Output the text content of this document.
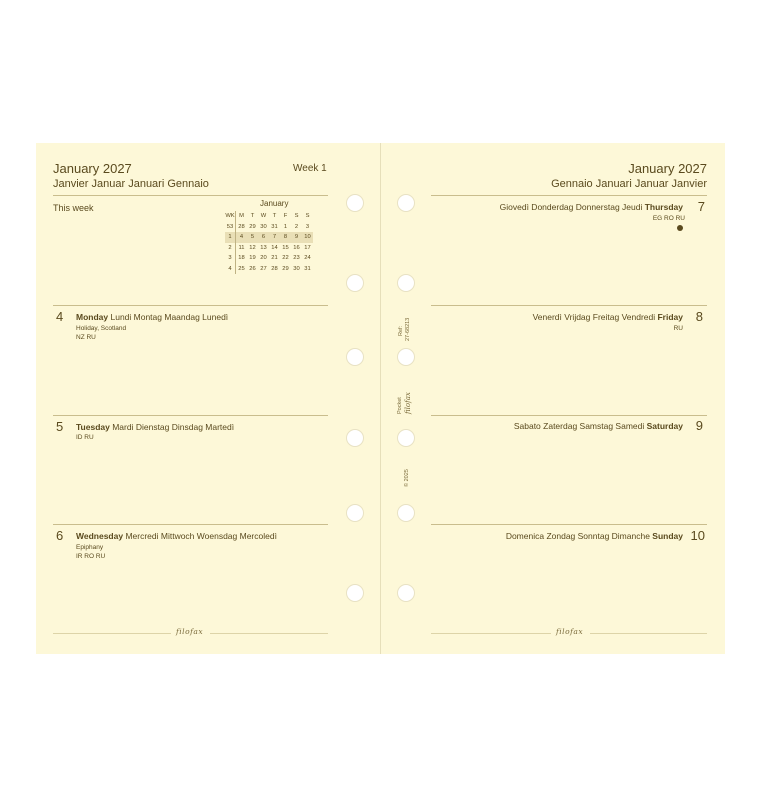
January 2027
Janvier Januar Januari Gennaio
Week 1
This week	January
WK	M	T	W	T	F	S	S
53	28	29	30	31	1	2	3
1	4	5	6	7	8	9	10
2	11	12	13	14	15	16	17
3	18	19	20	21	22	23	24
4	25	26	27	28	29	30	31
4 Monday Lundi Montag Maandag Lunedì
Holiday, Scotland
NZ RU
5 Tuesday Mardi Dienstag Dinsdag Martedì
ID RU
6 Wednesday Mercredi Mittwoch Woensdag Mercoledì
Epiphany
IR RO RU
filofax
January 2027
Gennaio Januari Januar Janvier
Giovedì Donderdag Donnerstag Jeudi Thursday 7
EG RO RU
Venerdì Vrijdag Freitag Vendredi Friday 8
RU
Sabato Zaterdag Samstag Samedi Saturday 9
Domenica Zondag Sonntag Dimanche Sunday 10
filofax
Ref: 27-68213
Pocket filofax
© 2025
